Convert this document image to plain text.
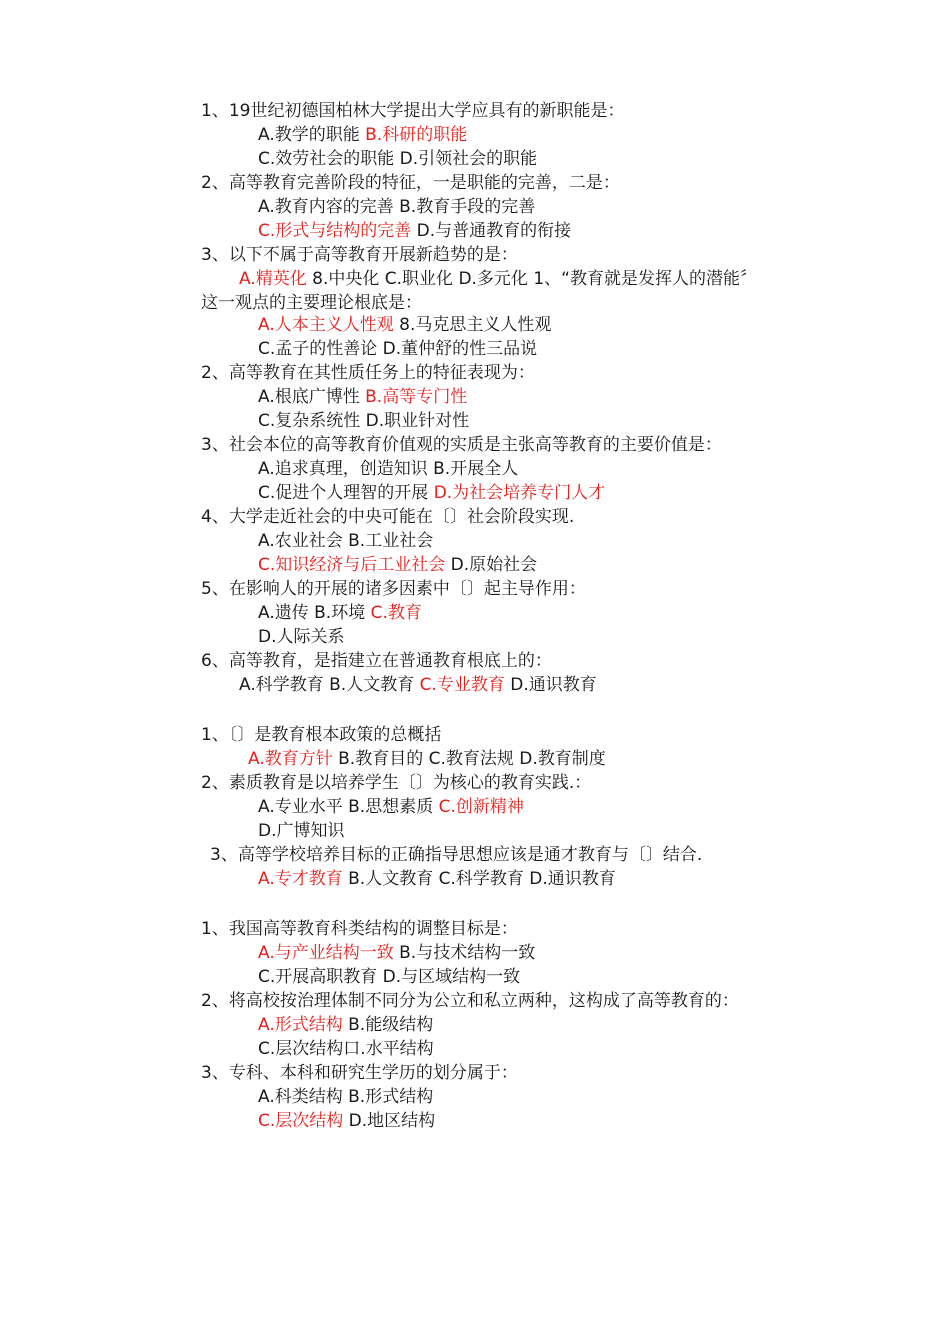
1、19世纪初德国柏林大学提出大学应具有的新职能是：
A.教学的职能 B.科研的职能
C.效劳社会的职能 D.引领社会的职能
2、高等教育完善阶段的特征，一是职能的完善，二是：
A.教育内容的完善 B.教育手段的完善
C.形式与结构的完善 D.与普通教育的衔接
3、以下不属于高等教育开展新趋势的是：
A.精英化 8.中央化 C.职业化 D.多元化 1、“教育就是发挥人的潜能〞
这一观点的主要理论根底是：
A.人本主义人性观 8.马克思主义人性观
C.孟子的性善论 D.董仲舒的性三品说
2、高等教育在其性质任务上的特征表现为：
A.根底广博性 B.高等专门性
C.复杂系统性 D.职业针对性
3、社会本位的高等教育价值观的实质是主张高等教育的主要价值是：
A.追求真理，创造知识 B.开展全人
C.促进个人理智的开展 D.为社会培养专门人才
4、大学走近社会的中央可能在〔〕社会阶段实现.
A.农业社会 B.工业社会
C.知识经济与后工业社会 D.原始社会
5、在影响人的开展的诸多因素中〔〕起主导作用：
A.遗传 B.环境 C.教育
D.人际关系
6、高等教育，是指建立在普通教育根底上的：
A.科学教育 B.人文教育 C.专业教育 D.通识教育
1、〔〕是教育根本政策的总概括
A.教育方针 B.教育目的 C.教育法规 D.教育制度
2、素质教育是以培养学生〔〕为核心的教育实践.：
A.专业水平 B.思想素质 C.创新精神
D.广博知识
3、高等学校培养目标的正确指导思想应该是通才教育与〔〕结合.
A.专才教育 B.人文教育 C.科学教育 D.通识教育
1、我国高等教育科类结构的调整目标是：
A.与产业结构一致 B.与技术结构一致
C.开展高职教育 D.与区域结构一致
2、将高校按治理体制不同分为公立和私立两种，这构成了高等教育的：
A.形式结构 B.能级结构
C.层次结构口.水平结构
3、专科、本科和研究生学历的划分属于：
A.科类结构 B.形式结构
C.层次结构 D.地区结构
